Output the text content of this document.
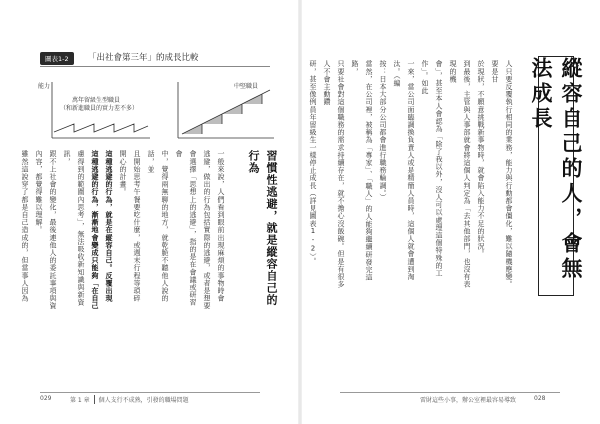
縱容自己的人，會無法成長

人只要反覆執行相同的業務，能力與行動都會僵化，難以隨機應變。要是甘
於現狀，不願意挑戰新事物時，就會陷入能力不足的狀況。
到最後，主管與人事部就會將這個人判定為「去其他部門，也沒有表現的機
會」，甚至本人會認為「除了我以外，沒人可以處理這個特殊的工作」。如此
一來，當公司面臨調換負責人或是精簡人員時，這個人就會遭到淘汰。（編
按：日本大部分公司都會進行職務輪調。）
當然，在公司裡，被稱為「專家」、「職人」的人能夠繼續研發完這路，
只要社會對這個職務的需求持續存在，就不擔心沒飯碗。但是有很多人不會主動鑽
研，甚至像例員年留級生一樣停止成長（詳見圖表1-2）。

圖表1-2	「出社會第三年」的成長比較
能力
萬年留級生型職員
（和新進職員的實力差不多）
中堅職員
習慣性逃避，就是縱容自己的行為

一般來說，人們看到眼前出現麻煩的事物時會
逃避，做出的行為包括實際的逃避，或者是想要
會選擇「思想上的逃避」，指的是在會議或研習會
中，覺得兩無聊的地方，就乾脆不聽他人說的話，並
且開始思考午餐要吃什麼，或週末行程等瑣碎
開心的計畫。
這種逃避的行為，就是在縱容自己。反覆出現
這種逃避的行為，漸漸地會變成只能夠「在自己
慮得到的範圍內思考」，無法吸收新知識與新資訊，
跟不上社會的變化，最後連他人的委託事項與資
內容，都覺得難以理解。
雖然這說穿了都是自己造成的，但當事人因為

029	第 1 章 個人支行不成熟，引發的職場問題	雷財這些小事，辦公室裡最容易導致	028
